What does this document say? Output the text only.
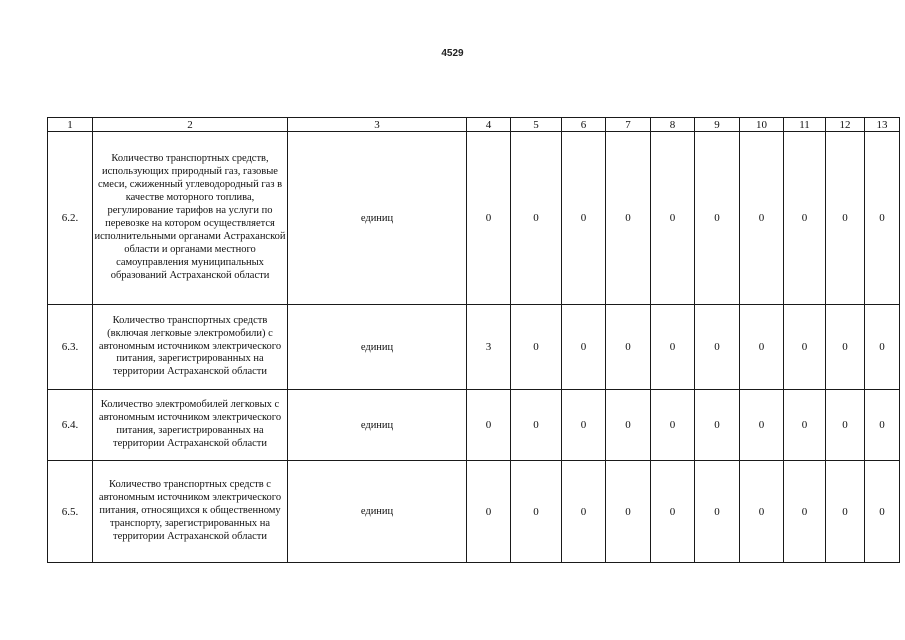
4529
1	2	3	4	5	6	7	8	9	10	11	12	13
6.2.	Количество транспортных средств, использующих природный газ, газовые смеси, сжиженный углеводородный газ в качестве моторного топлива, регулирование тарифов на услуги по перевозке на котором осуществляется исполнительными органами Астраханской области и органами местного самоуправления муниципальных образований Астраханской области	единиц	0	0	0	0	0	0	0	0	0	0
6.3.	Количество транспортных средств (включая легковые электромобили) с автономным источником электрического питания, зарегистрированных на территории Астраханской области	единиц	3	0	0	0	0	0	0	0	0	0
6.4.	Количество электромобилей легковых с автономным источником электрического питания, зарегистрированных на территории Астраханской области	единиц	0	0	0	0	0	0	0	0	0	0
6.5.	Количество транспортных средств с автономным источником электрического питания, относящихся к общественному транспорту, зарегистрированных на территории Астраханской области	единиц	0	0	0	0	0	0	0	0	0	0
